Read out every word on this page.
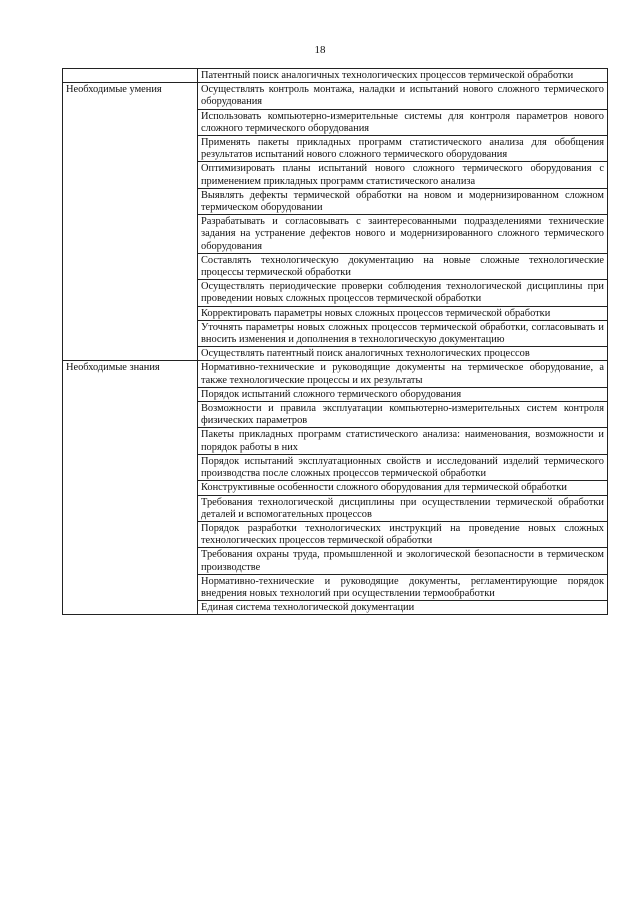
18
	Патентный поиск аналогичных технологических процессов термической обработки
Необходимые умения	Осуществлять контроль монтажа, наладки и испытаний нового сложного термического оборудования
	Использовать компьютерно-измерительные системы для контроля параметров нового сложного термического оборудования
	Применять пакеты прикладных программ статистического анализа для обобщения результатов испытаний нового сложного термического оборудования
	Оптимизировать планы испытаний нового сложного термического оборудования с применением прикладных программ статистического анализа
	Выявлять дефекты термической обработки на новом и модернизированном сложном термическом оборудовании
	Разрабатывать и согласовывать с заинтересованными подразделениями технические задания на устранение дефектов нового и модернизированного сложного термического оборудования
	Составлять технологическую документацию на новые сложные технологические процессы термической обработки
	Осуществлять периодические проверки соблюдения технологической дисциплины при проведении новых сложных процессов термической обработки
	Корректировать параметры новых сложных процессов термической обработки
	Уточнять параметры новых сложных процессов термической обработки, согласовывать и вносить изменения и дополнения в технологическую документацию
	Осуществлять патентный поиск аналогичных технологических процессов
Необходимые знания	Нормативно-технические и руководящие документы на термическое оборудование, а также технологические процессы и их результаты
	Порядок испытаний сложного термического оборудования
	Возможности и правила эксплуатации компьютерно-измерительных систем контроля физических параметров
	Пакеты прикладных программ статистического анализа: наименования, возможности и порядок работы в них
	Порядок испытаний эксплуатационных свойств и исследований изделий термического производства после сложных процессов термической обработки
	Конструктивные особенности сложного оборудования для термической обработки
	Требования технологической дисциплины при осуществлении термической обработки деталей и вспомогательных процессов
	Порядок разработки технологических инструкций на проведение новых сложных технологических процессов термической обработки
	Требования охраны труда, промышленной и экологической безопасности в термическом производстве
	Нормативно-технические и руководящие документы, регламентирующие порядок внедрения новых технологий при осуществлении термообработки
	Единая система технологической документации
